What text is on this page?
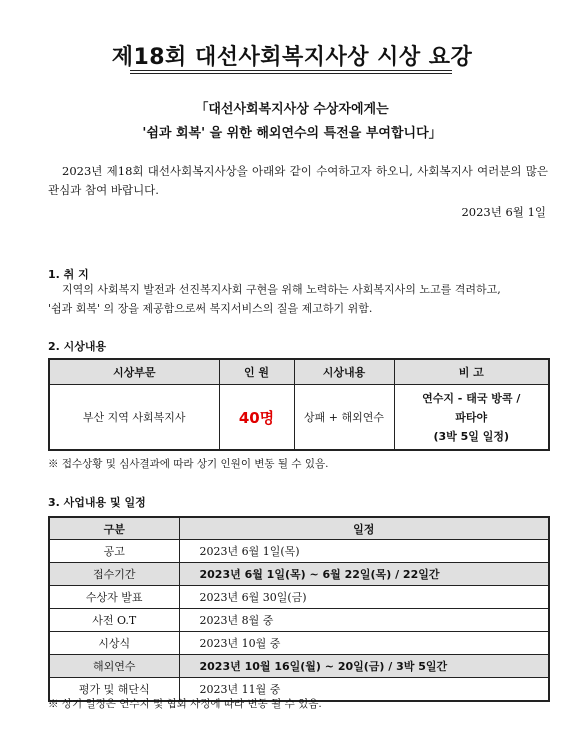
제18회 대선사회복지사상 시상 요강
「대선사회복지사상 수상자에게는
'쉼과 회복' 을 위한 해외연수의 특전을 부여합니다」
2023년 제18회 대선사회복지사상을 아래와 같이 수여하고자 하오니, 사회복지사 여러분의 많은 관심과 참여 바랍니다.
2023년 6월 1일
1. 취 지

지역의 사회복지 발전과 선진복지사회 구현을 위해 노력하는 사회복지사의 노고를 격려하고,

'쉼과 회복' 의 장을 제공함으로써 복지서비스의 질을 제고하기 위함.

2. 시상내용
시상부문	인 원	시상내용	비 고
부산 지역 사회복지사	40명	상패 + 해외연수	연수지 - 태국 방콕 /
파타야
(3박 5일 일정)
※ 접수상황 및 심사결과에 따라 상기 인원이 변동 될 수 있음.
3. 사업내용 및 일정
구분	일정
공고	2023년 6월 1일(목)
접수기간	2023년 6월 1일(목) ~ 6월 22일(목) / 22일간
수상자 발표	2023년 6월 30일(금)
사전 O.T	2023년 8월 중
시상식	2023년 10월 중
해외연수	2023년 10월 16일(월) ~ 20일(금) / 3박 5일간
평가 및 해단식	2023년 11월 중
※ 상기 일정은 연수지 및 협회 사정에 따라 변동 될 수 있음.
